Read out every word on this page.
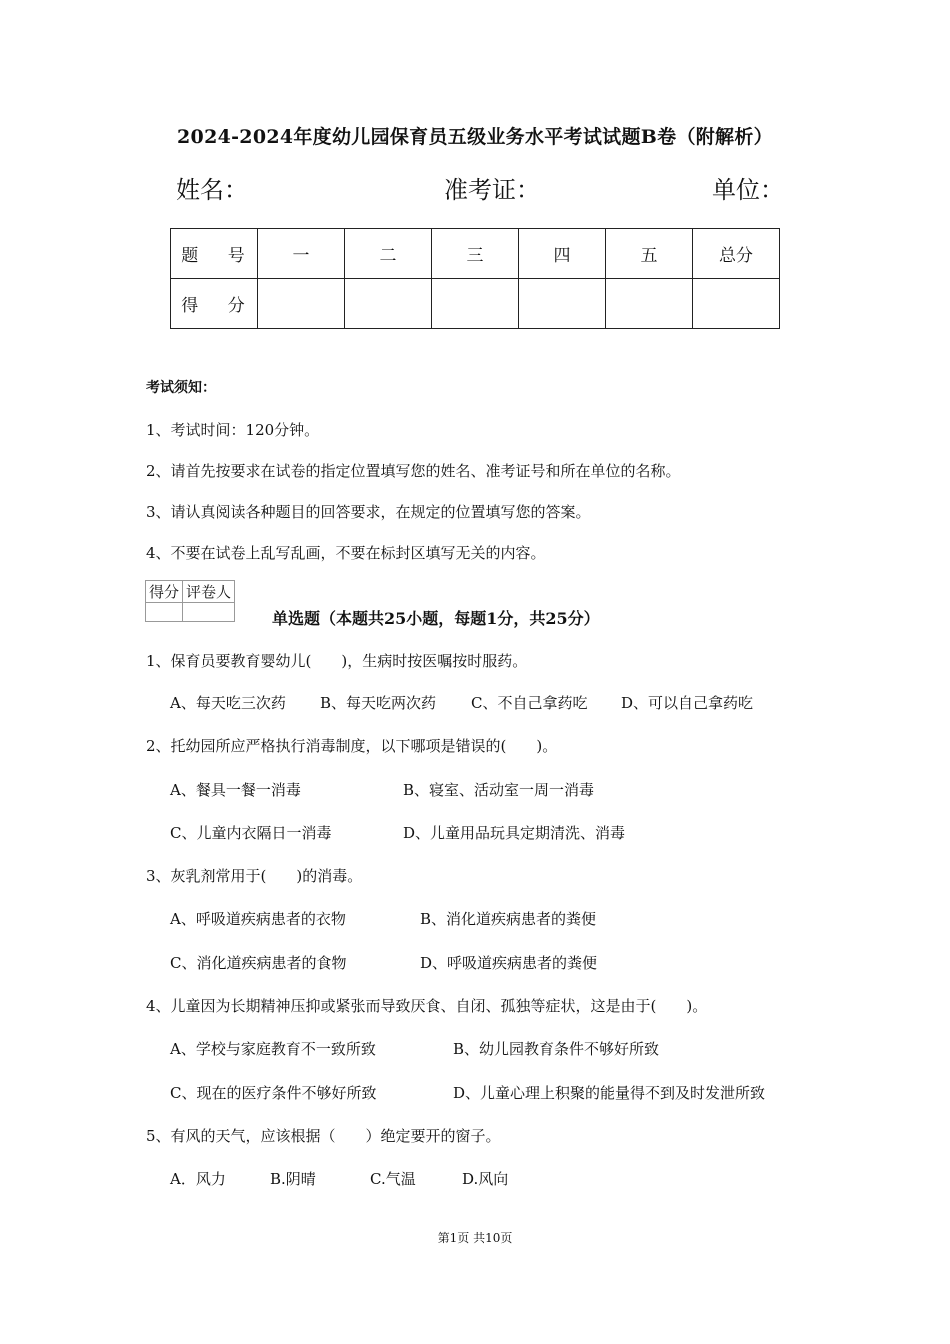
2024-2024年度幼儿园保育员五级业务水平考试试题B卷（附解析）
姓名：	准考证：	单位：
题 号	一	二	三	四	五	总分
得 分						
考试须知：
1、考试时间：120分钟。
2、请首先按要求在试卷的指定位置填写您的姓名、准考证号和所在单位的名称。
3、请认真阅读各种题目的回答要求，在规定的位置填写您的答案。
4、不要在试卷上乱写乱画，不要在标封区填写无关的内容。
得分	评卷人

单选题（本题共25小题，每题1分，共25分）
1、保育员要教育婴幼儿(　　)，生病时按医嘱按时服药。
A、每天吃三次药 B、每天吃两次药 C、不自己拿药吃 D、可以自己拿药吃
2、托幼园所应严格执行消毒制度，以下哪项是错误的(　　)。
A、餐具一餐一消毒	B、寝室、活动室一周一消毒
C、儿童内衣隔日一消毒	D、儿童用品玩具定期清洗、消毒
3、灰乳剂常用于(　　)的消毒。
A、呼吸道疾病患者的衣物	B、消化道疾病患者的粪便
C、消化道疾病患者的食物	D、呼吸道疾病患者的粪便
4、儿童因为长期精神压抑或紧张而导致厌食、自闭、孤独等症状，这是由于(　　)。
A、学校与家庭教育不一致所致	B、幼儿园教育条件不够好所致
C、现在的医疗条件不够好所致	D、儿童心理上积聚的能量得不到及时发泄所致
5、有风的天气，应该根据（　　）绝定要开的窗子。
A．风力	B.阴晴	C.气温	D.风向
第1页 共10页
